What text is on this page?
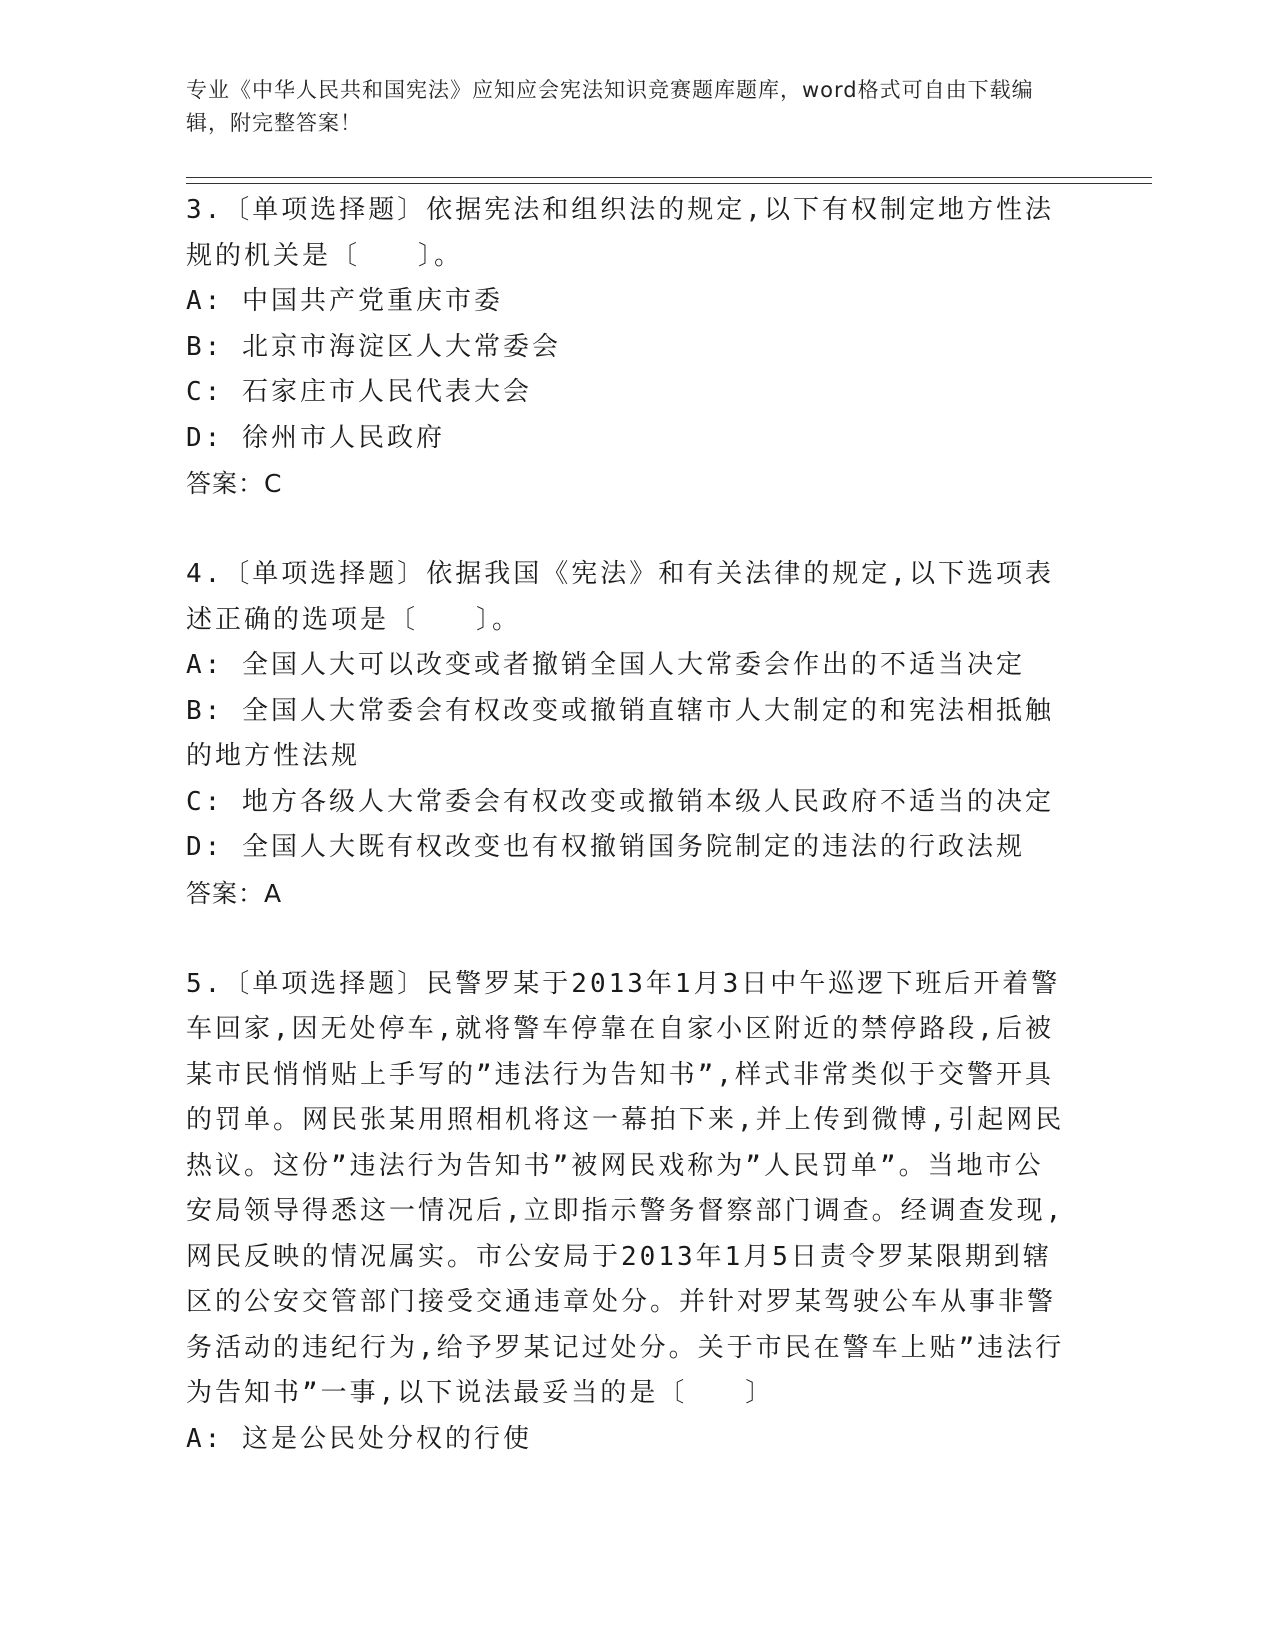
专业《中华人民共和国宪法》应知应会宪法知识竞赛题库题库，word格式可自由下载编辑，附完整答案！

3.〔单项选择题〕依据宪法和组织法的规定,以下有权制定地方性法规的机关是〔　　〕。

A: 中国共产党重庆市委

B: 北京市海淀区人大常委会

C: 石家庄市人民代表大会

D: 徐州市人民政府

答案：C

4.〔单项选择题〕依据我国《宪法》和有关法律的规定,以下选项表述正确的选项是〔　　〕。

A: 全国人大可以改变或者撤销全国人大常委会作出的不适当决定

B: 全国人大常委会有权改变或撤销直辖市人大制定的和宪法相抵触的地方性法规

C: 地方各级人大常委会有权改变或撤销本级人民政府不适当的决定

D: 全国人大既有权改变也有权撤销国务院制定的违法的行政法规

答案：A

5.〔单项选择题〕民警罗某于2013年1月3日中午巡逻下班后开着警车回家,因无处停车,就将警车停靠在自家小区附近的禁停路段,后被某市民悄悄贴上手写的”违法行为告知书”,样式非常类似于交警开具的罚单。网民张某用照相机将这一幕拍下来,并上传到微博,引起网民热议。这份”违法行为告知书”被网民戏称为”人民罚单”。当地市公安局领导得悉这一情况后,立即指示警务督察部门调查。经调查发现,网民反映的情况属实。市公安局于2013年1月5日责令罗某限期到辖区的公安交管部门接受交通违章处分。并针对罗某驾驶公车从事非警务活动的违纪行为,给予罗某记过处分。关于市民在警车上贴”违法行为告知书”一事,以下说法最妥当的是〔　　〕

A: 这是公民处分权的行使
